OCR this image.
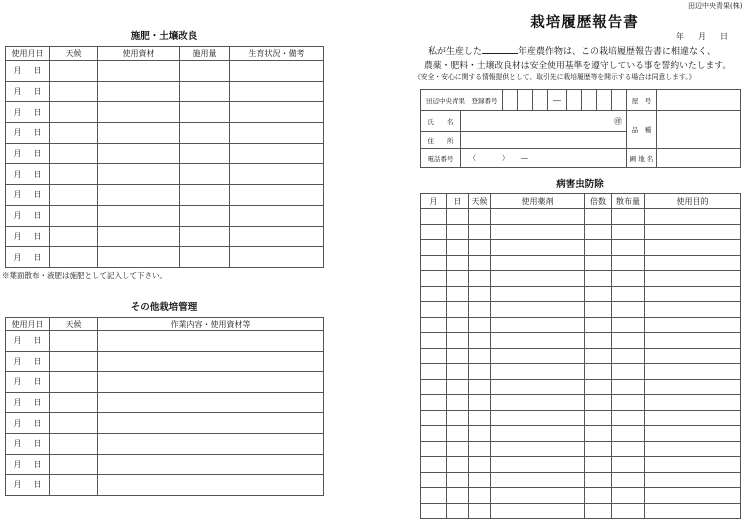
田辺中央青果(株)
施肥・土壌改良
使用月日	天候	使用資材	施用量	生育状況・備考
月 日				
月 日				
月 日				
月 日				
月 日				
月 日				
月 日				
月 日				
月 日				
月 日				
※葉面散布・液肥は施肥として記入して下さい。
その他栽培管理
使用月日	天候	作業内容・使用資材等
月 日		
月 日		
月 日		
月 日		
月 日		
月 日		
月 日		
月 日		
栽培履歴報告書
年　月　日
私が生産した	年産農作物は、この栽培履歴報告書に相違なく、
農薬・肥料・土壌改良材は安全使用基準を遵守している事を誓約いたします。
《安全・安心に関する情報提供として、取引先に栽培履歴等を開示する場合は同意します。》
田辺中央青果　登録番号					―					屋　号	
氏　　名	㊞									品　種	
住　　所											
電話番号	（ ） ―									圃 地 名	
病害虫防除
月	日	天候	使用薬剤	倍数	散布量	使用目的
